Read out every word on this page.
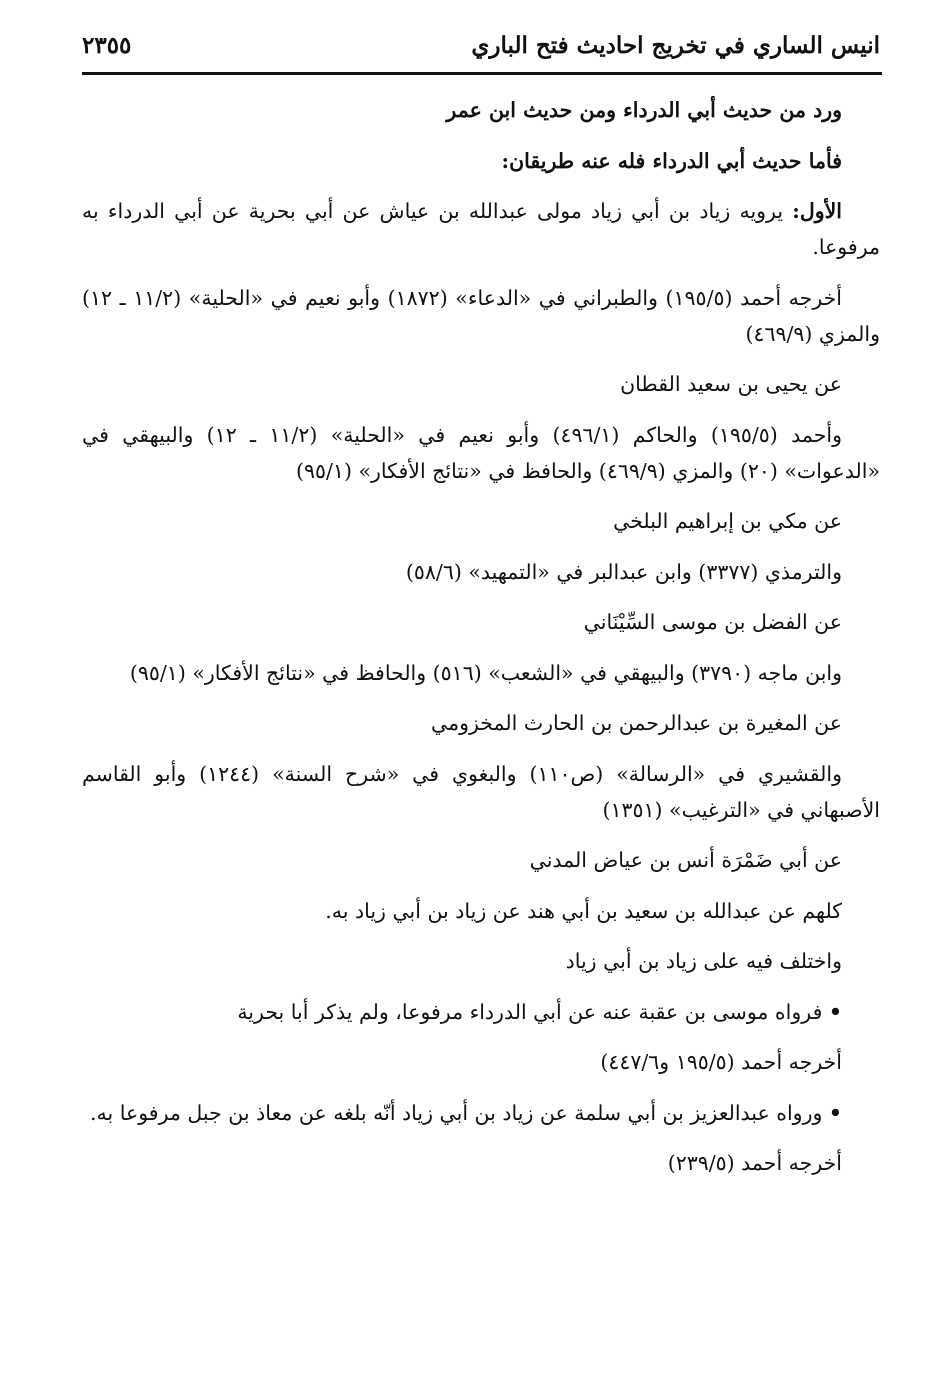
انيس الساري في تخريج احاديث فتح الباري
٢٣٥٥

ورد من حديث أبي الدرداء ومن حديث ابن عمر

فأما حديث أبي الدرداء فله عنه طريقان:

الأول: يرويه زياد بن أبي زياد مولى عبدالله بن عياش عن أبي بحرية عن أبي الدرداء به مرفوعا.

أخرجه أحمد (١٩٥/٥) والطبراني في «الدعاء» (١٨٧٢) وأبو نعيم في «الحلية» (١١/٢ ـ ١٢) والمزي (٤٦٩/٩)

عن يحيى بن سعيد القطان

وأحمد (١٩٥/٥) والحاكم (٤٩٦/١) وأبو نعيم في «الحلية» (١١/٢ ـ ١٢) والبيهقي في «الدعوات» (٢٠) والمزي (٤٦٩/٩) والحافظ في «نتائج الأفكار» (٩٥/١)

عن مكي بن إبراهيم البلخي

والترمذي (٣٣٧٧) وابن عبدالبر في «التمهيد» (٥٨/٦)

عن الفضل بن موسى السِّيْنَاني

وابن ماجه (٣٧٩٠) والبيهقي في «الشعب» (٥١٦) والحافظ في «نتائج الأفكار» (٩٥/١)

عن المغيرة بن عبدالرحمن بن الحارث المخزومي

والقشيري في «الرسالة» (ص١١٠) والبغوي في «شرح السنة» (١٢٤٤) وأبو القاسم الأصبهاني في «الترغيب» (١٣٥١)

عن أبي ضَمْرَة أنس بن عياض المدني

كلهم عن عبدالله بن سعيد بن أبي هند عن زياد بن أبي زياد به.

واختلف فيه على زياد بن أبي زياد

• فرواه موسى بن عقبة عنه عن أبي الدرداء مرفوعا، ولم يذكر أبا بحرية

أخرجه أحمد (١٩٥/٥ و٤٤٧/٦)

• ورواه عبدالعزيز بن أبي سلمة عن زياد بن أبي زياد أنّه بلغه عن معاذ بن جبل مرفوعا به.

أخرجه أحمد (٢٣٩/٥)
